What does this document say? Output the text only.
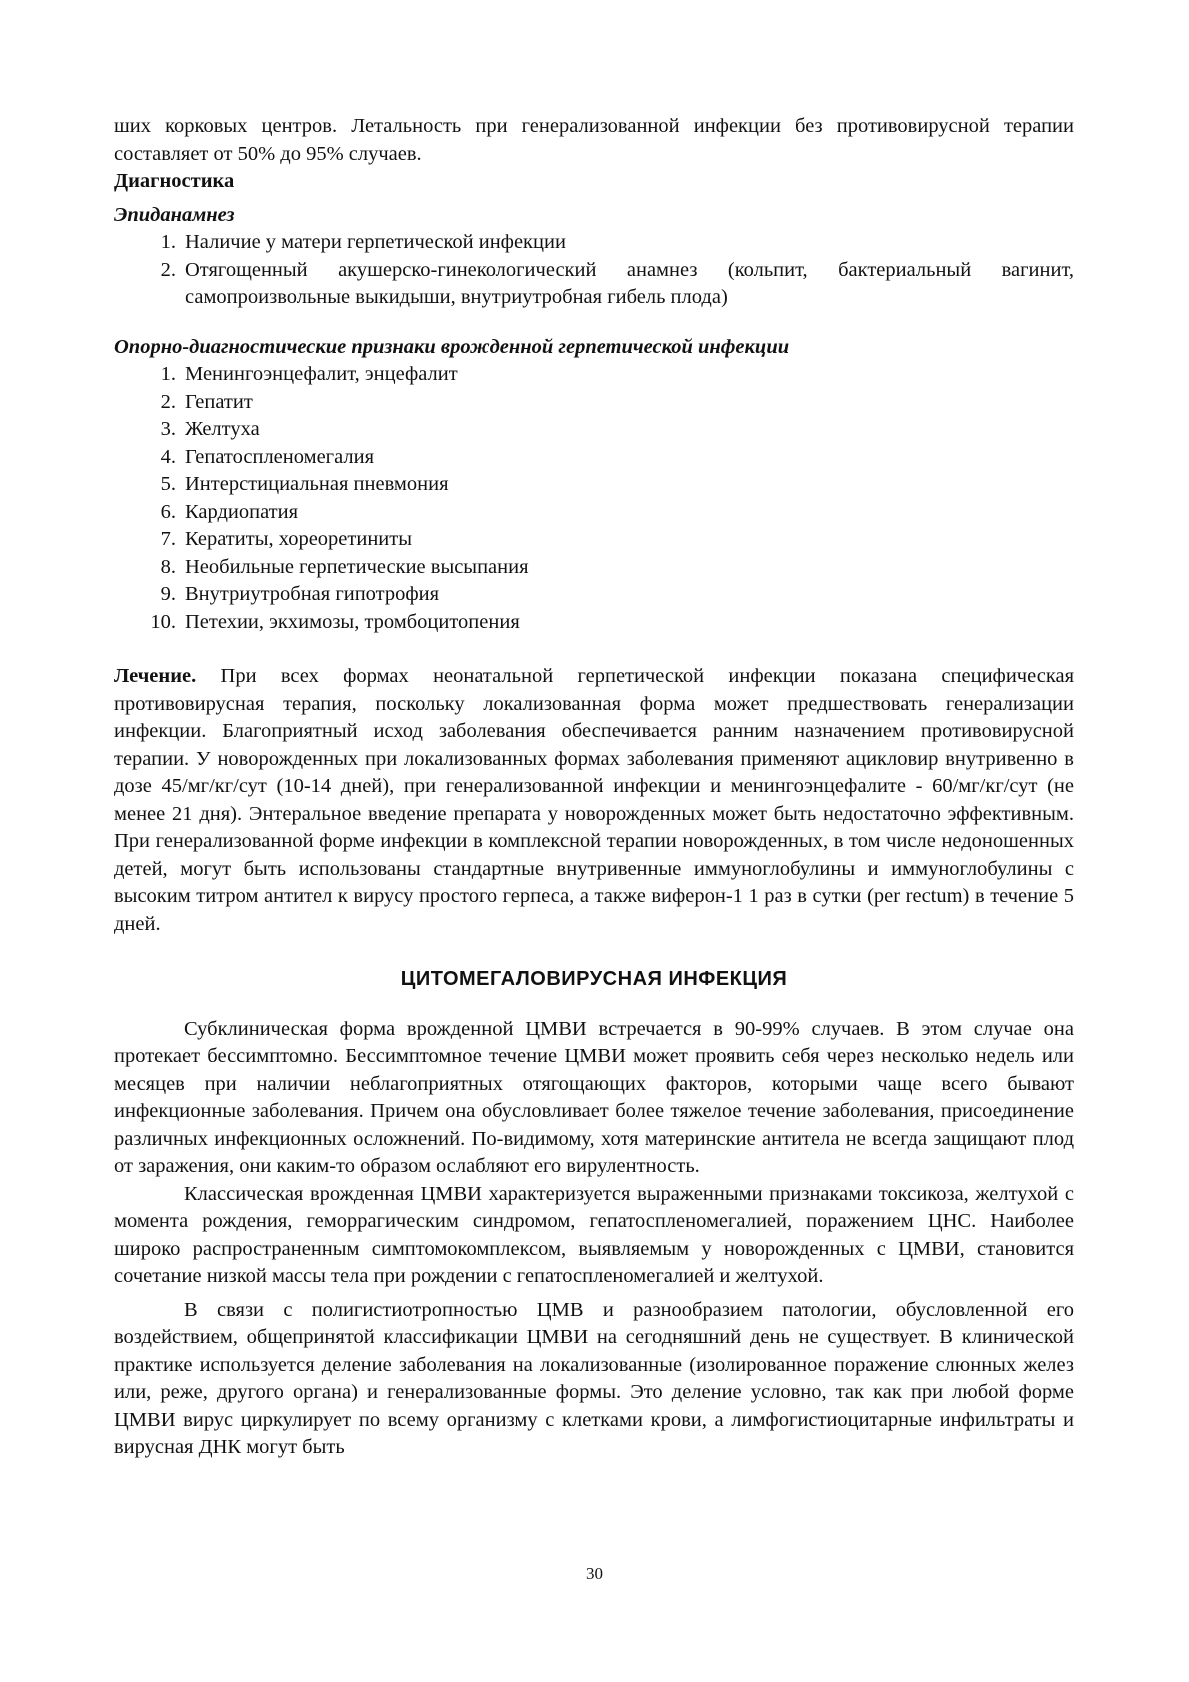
ших корковых центров. Летальность при генерализованной инфекции без противовирусной терапии составляет от 50% до 95% случаев.

Диагностика
Эпиданамнез
1. Наличие у матери герпетической инфекции
2. Отягощенный акушерско-гинекологический анамнез (кольпит, бактериальный вагинит, самопроизвольные выкидыши, внутриутробная гибель плода)
Опорно-диагностические признаки врожденной герпетической инфекции
1. Менингоэнцефалит, энцефалит
2. Гепатит
3. Желтуха
4. Гепатоспленомегалия
5. Интерстициальная пневмония
6. Кардиопатия
7. Кератиты, хореоретиниты
8. Необильные герпетические высыпания
9. Внутриутробная гипотрофия
10. Петехии, экхимозы, тромбоцитопения

Лечение. При всех формах неонатальной герпетической инфекции показана специфическая противовирусная терапия, поскольку локализованная форма может предшествовать генерализации инфекции. Благоприятный исход заболевания обеспечивается ранним назначением противовирусной терапии. У новорожденных при локализованных формах заболевания применяют ацикловир внутривенно в дозе 45/мг/кг/сут (10-14 дней), при генерализованной инфекции и менингоэнцефалите - 60/мг/кг/сут (не менее 21 дня). Энтеральное введение препарата у новорожденных может быть недостаточно эффективным. При генерализованной форме инфекции в комплексной терапии новорожденных, в том числе недоношенных детей, могут быть использованы стандартные внутривенные иммуноглобулины и иммуноглобулины с высоким титром антител к вирусу простого герпеса, а также виферон-1 1 раз в сутки (per rectum) в течение 5 дней.

ЦИТОМЕГАЛОВИРУСНАЯ ИНФЕКЦИЯ

Субклиническая форма врожденной ЦМВИ встречается в 90-99% случаев. В этом случае она протекает бессимптомно. Бессимптомное течение ЦМВИ может проявить себя через несколько недель или месяцев при наличии неблагоприятных отягощающих факторов, которыми чаще всего бывают инфекционные заболевания. Причем она обусловливает более тяжелое течение заболевания, присоединение различных инфекционных осложнений. По-видимому, хотя материнские антитела не всегда защищают плод от заражения, они каким-то образом ослабляют его вирулентность.

Классическая врожденная ЦМВИ характеризуется выраженными признаками токсикоза, желтухой с момента рождения, геморрагическим синдромом, гепатоспленомегалией, поражением ЦНС. Наиболее широко распространенным симптомокомплексом, выявляемым у новорожденных с ЦМВИ, становится сочетание низкой массы тела при рождении с гепатоспленомегалией и желтухой.

В связи с полигистиотропностью ЦМВ и разнообразием патологии, обусловленной его воздействием, общепринятой классификации ЦМВИ на сегодняшний день не существует. В клинической практике используется деление заболевания на локализованные (изолированное поражение слюнных желез или, реже, другого органа) и генерализованные формы. Это деление условно, так как при любой форме ЦМВИ вирус циркулирует по всему организму с клетками крови, а лимфогистиоцитарные инфильтраты и вирусная ДНК могут быть

30
